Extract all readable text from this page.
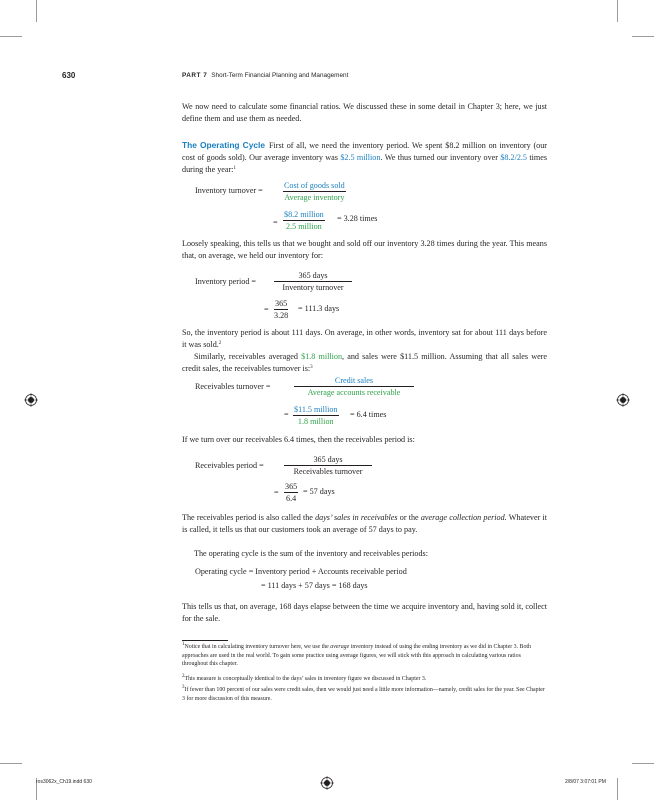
630	PART 7 Short-Term Financial Planning and Management
We now need to calculate some financial ratios. We discussed these in some detail in Chapter 3; here, we just define them and use them as needed.
The Operating Cycle First of all, we need the inventory period. We spent $8.2 million on inventory (our cost of goods sold). Our average inventory was $2.5 million. We thus turned our inventory over $8.2/2.5 times during the year:$^1$
Inventory turnover =
Cost of goods sold
Average inventory
=
$8.2 million
2.5 million
= 3.28 times
Loosely speaking, this tells us that we bought and sold off our inventory 3.28 times during the year. This means that, on average, we held our inventory for:
Inventory period =
365 days
Inventory turnover
= $\frac{365}{3.28} = 111.3$ days
So, the inventory period is about 111 days. On average, in other words, inventory sat for about 111 days before it was sold.$^2$
Similarly, receivables averaged $1.8 million, and sales were $11.5 million. Assuming that all sales were credit sales, the receivables turnover is:$^3$
Receivables turnover =
Credit sales
Average accounts receivable
=
$11.5 million
1.8 million
= 6.4 times
If we turn over our receivables 6.4 times, then the receivables period is:
Receivables period =
365 days
Receivables turnover
= $\frac{365}{6.4} = 57$ days
The receivables period is also called the days’ sales in receivables or the average collection period. Whatever it is called, it tells us that our customers took an average of 57 days to pay.
The operating cycle is the sum of the inventory and receivables periods:
Operating cycle = Inventory period + Accounts receivable period
= 111 days + 57 days = 168 days
This tells us that, on average, 168 days elapse between the time we acquire inventory and, having sold it, collect for the sale.
$^1$Notice that in calculating inventory turnover here, we use the average inventory instead of using the ending inventory as we did in Chapter 3. Both approaches are used in the real world. To gain some practice using average figures, we will stick with this approach in calculating various ratios throughout this chapter.
$^2$This measure is conceptually identical to the days’ sales in inventory figure we discussed in Chapter 3.
$^3$If fewer than 100 percent of our sales were credit sales, then we would just need a little more information—namely, credit sales for the year. See Chapter 3 for more discussion of this measure.
ros3062x_Ch19.indd 630	2/8/07 3:07:01 PM
